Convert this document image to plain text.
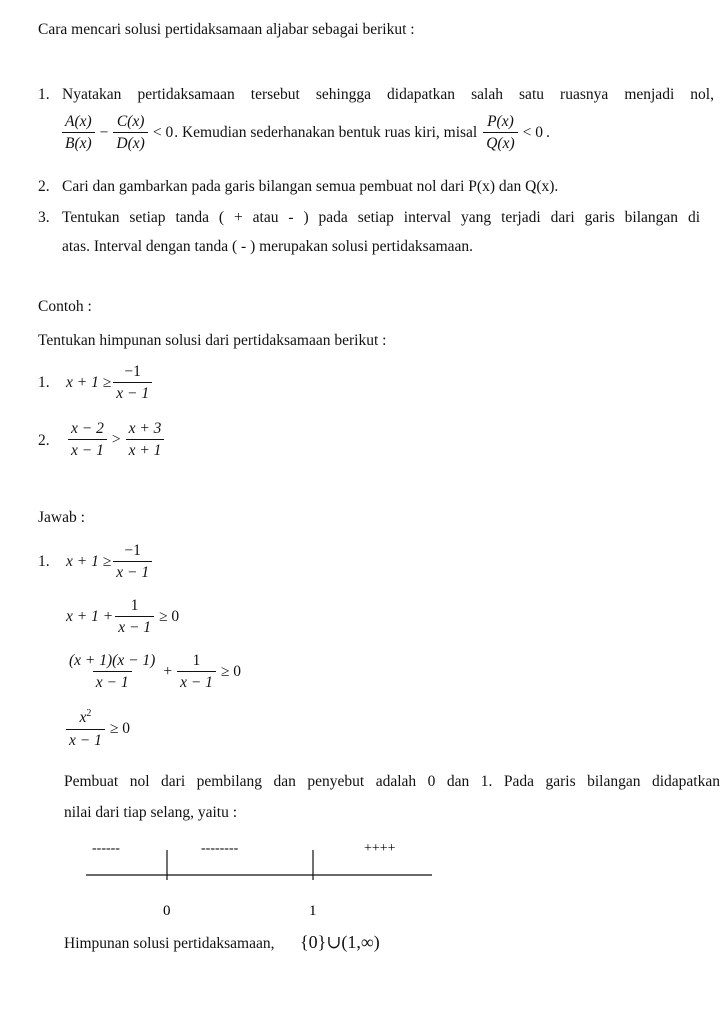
Cara mencari solusi pertidaksamaan aljabar sebagai berikut :
1. Nyatakan pertidaksamaan tersebut sehingga didapatkan salah satu ruasnya menjadi nol,
$\frac{A(x)}{B(x)} - \frac{C(x)}{D(x)} < 0$ . Kemudian sederhanakan bentuk ruas kiri, misal $\frac{P(x)}{Q(x)} < 0$ .
2. Cari dan gambarkan pada garis bilangan semua pembuat nol dari P(x) dan Q(x).
3. Tentukan setiap tanda ( + atau - ) pada setiap interval yang terjadi dari garis bilangan di
atas. Interval dengan tanda ( - ) merupakan solusi pertidaksamaan.
Contoh :
Tentukan himpunan solusi dari pertidaksamaan berikut :
1. $x + 1 \ge \frac{-1}{x - 1}$
2. $\frac{x - 2}{x - 1} > \frac{x + 3}{x + 1}$
Jawab :
1. $x + 1 \ge \frac{-1}{x - 1}$
$x + 1 + \frac{1}{x - 1} \ge 0$
$\frac{(x + 1)(x - 1)}{x - 1} + \frac{1}{x - 1} \ge 0$
$\frac{x^2}{x - 1} \ge 0$
Pembuat nol dari pembilang dan penyebut adalah 0 dan 1. Pada garis bilangan didapatkan
nilai dari tiap selang, yaitu :
------	--------	++++
0	1
Himpunan solusi pertidaksamaan, {0}∪(1,∞)
